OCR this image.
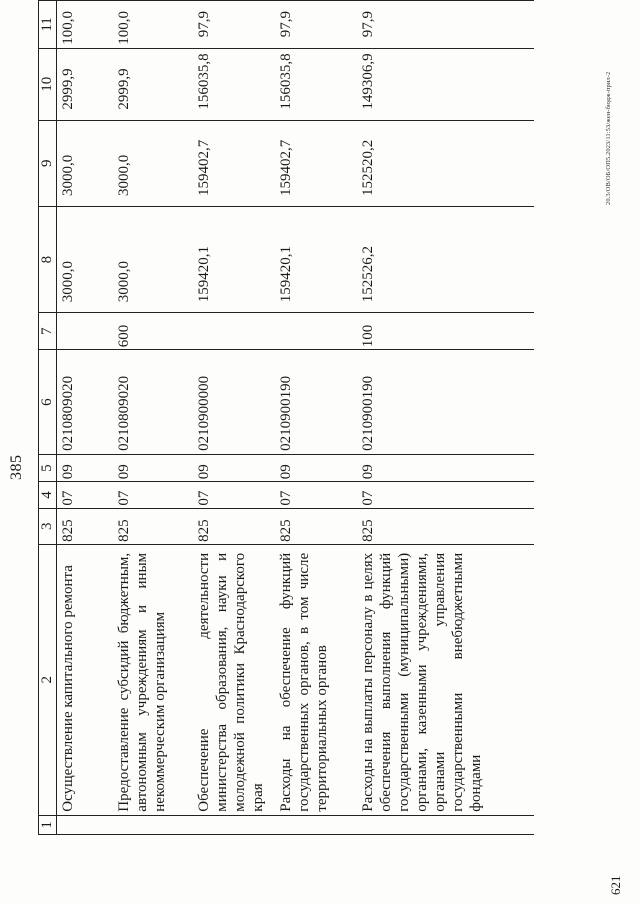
385
1	2	3	4	5	6	7	8	9	10	11
	Осуществление капитального ремонта	825	07	09	0210809020		3000,0	3000,0	2999,9	100,0
	Предоставление субсидий бюджетным, автономным учреждениям и иным некоммерческим организациям	825	07	09	0210809020	600	3000,0	3000,0	2999,9	100,0
	Обеспечение деятельности министерства образования, науки и молодежной политики Краснодарского края	825	07	09	0210900000		159420,1	159402,7	156035,8	97,9
	Расходы на обеспечение функций государственных органов, в том числе территориальных органов	825	07	09	0210900190		159420,1	159402,7	156035,8	97,9
	Расходы на выплаты персоналу в целях обеспечения выполнения функций государственными (муниципальными) органами, казенными учреждениями, органами управления государственными внебюджетными фондами	825	07	09	0210900190	100	152526,2	152520,2	149306,9	97,9
621
20.3/ОВ/ОБ/ОП5.2023/11:53/жен-бюдж-прил-2
